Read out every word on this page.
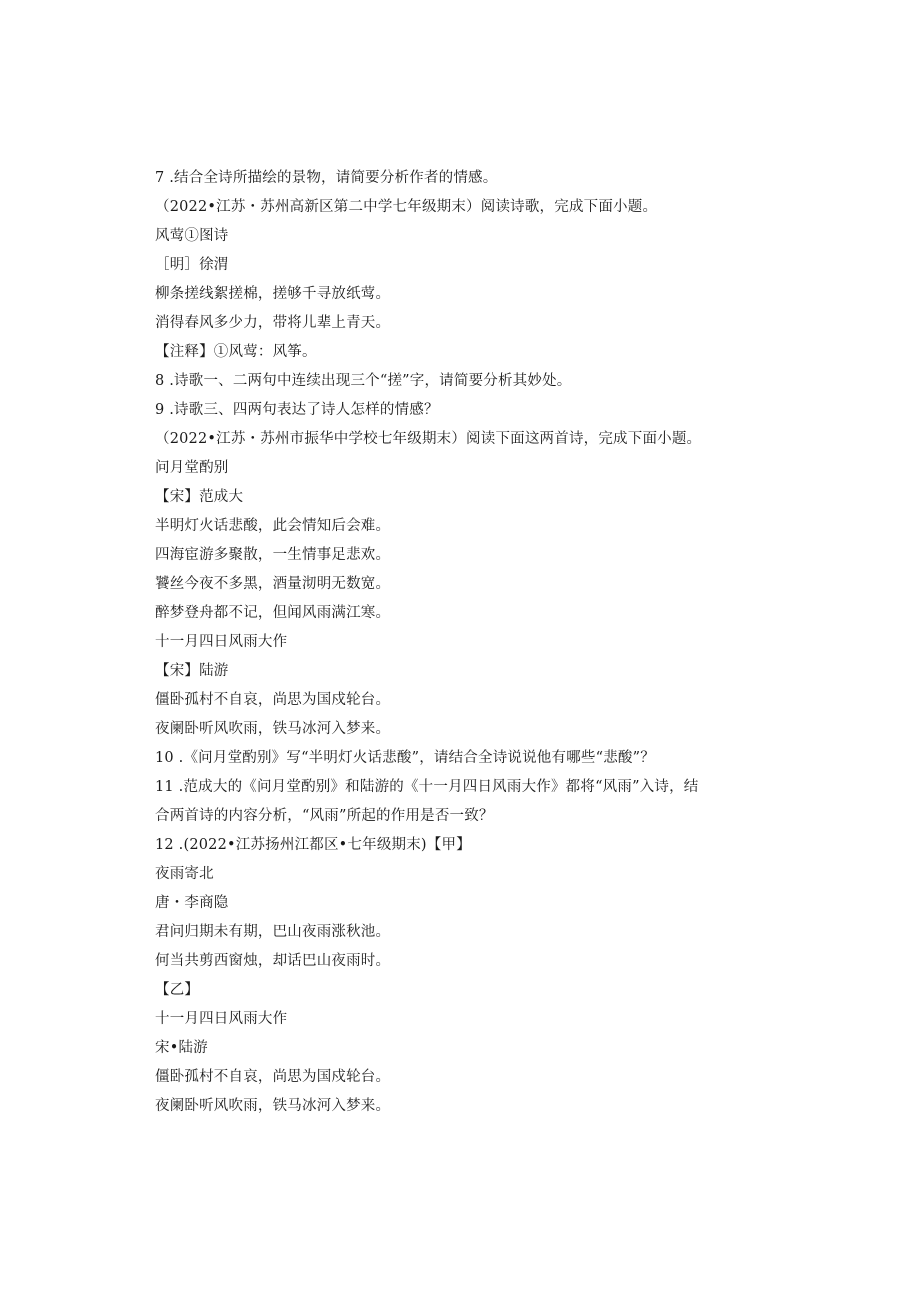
7 .结合全诗所描绘的景物，请简要分析作者的情感。
（2022•江苏・苏州高新区第二中学七年级期末）阅读诗歌，完成下面小题。
风莺①图诗
［明］徐渭
柳条搓线絮搓棉，搓够千寻放纸莺。
消得春风多少力，带将儿辈上青天。
【注释】①风莺：风筝。
8 .诗歌一、二两句中连续出现三个“搓”字，请简要分析其妙处。
9 .诗歌三、四两句表达了诗人怎样的情感？
（2022•江苏・苏州市振华中学校七年级期末）阅读下面这两首诗，完成下面小题。
问月堂酌别
【宋】范成大
半明灯火话悲酸，此会情知后会难。
四海宦游多聚散，一生情事足悲欢。
饕丝今夜不多黑，酒量沏明无数宽。
醉梦登舟都不记，但闻风雨满江寒。
十一月四日风雨大作
【宋】陆游
僵卧孤村不自哀，尚思为国戍轮台。
夜阑卧听风吹雨，铁马冰河入梦来。
10 .《问月堂酌别》写“半明灯火话悲酸”，请结合全诗说说他有哪些“悲酸”？
11 .范成大的《问月堂酌别》和陆游的《十一月四日风雨大作》都将“风雨”入诗，结
合两首诗的内容分析，“风雨”所起的作用是否一致？
12 .(2022•江苏扬州江都区•七年级期末)【甲】
夜雨寄北
唐・李商隐
君问归期未有期，巴山夜雨涨秋池。
何当共剪西窗烛，却话巴山夜雨时。
【乙】
十一月四日风雨大作
宋•陆游
僵卧孤村不自哀，尚思为国戍轮台。
夜阑卧听风吹雨，铁马冰河入梦来。
